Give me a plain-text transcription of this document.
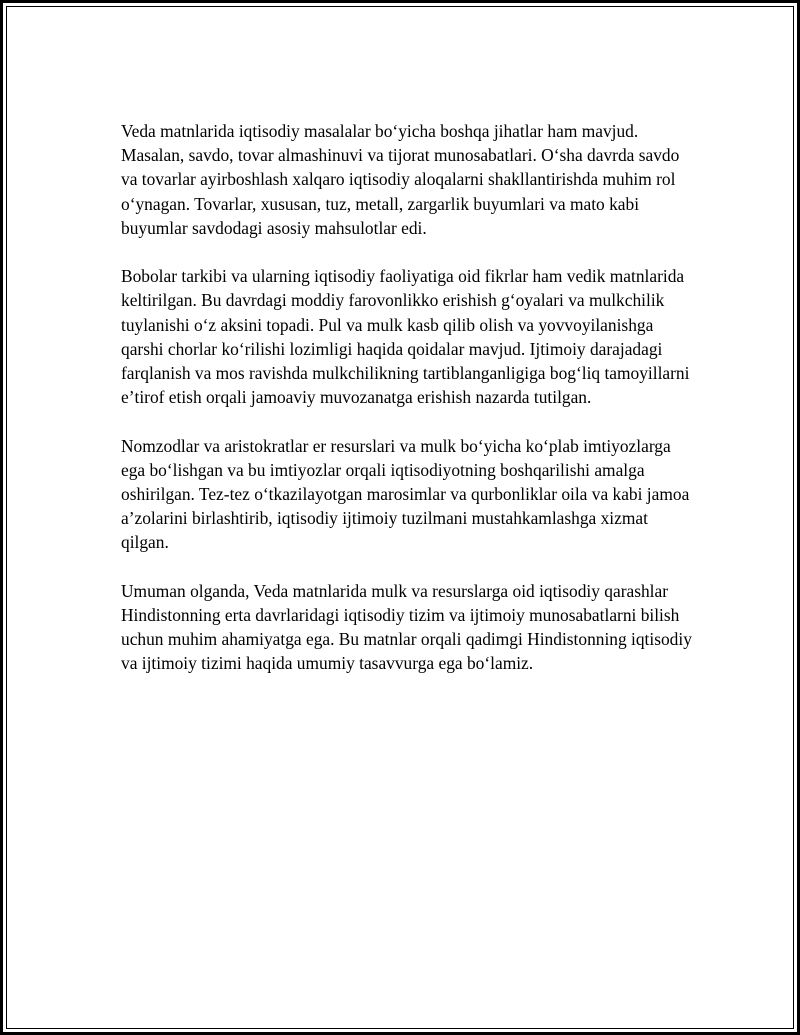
Veda matnlarida iqtisodiy masalalar boʻyicha boshqa jihatlar ham mavjud. Masalan, savdo, tovar almashinuvi va tijorat munosabatlari. Oʻsha davrda savdo va tovarlar ayirboshlash xalqaro iqtisodiy aloqalarni shakllantirishda muhim rol oʻynagan. Tovarlar, xususan, tuz, metall, zargarlik buyumlari va mato kabi buyumlar savdodagi asosiy mahsulotlar edi.

Bobolar tarkibi va ularning iqtisodiy faoliyatiga oid fikrlar ham vedik matnlarida keltirilgan. Bu davrdagi moddiy farovonlikko erishish gʻoyalari va mulkchilik tuylanishi oʻz aksini topadi. Pul va mulk kasb qilib olish va yovvoyilanishga qarshi chorlar koʻrilishi lozimligi haqida qoidalar mavjud. Ijtimoiy darajadagi farqlanish va mos ravishda mulkchilikning tartiblanganligiga bogʻliq tamoyillarni eʼtirof etish orqali jamoaviy muvozanatga erishish nazarda tutilgan.

Nomzodlar va aristokratlar er resurslari va mulk boʻyicha koʻplab imtiyozlarga ega boʻlishgan va bu imtiyozlar orqali iqtisodiyotning boshqarilishi amalga oshirilgan. Tez-tez oʻtkazilayotgan marosimlar va qurbonliklar oila va kabi jamoa aʼzolarini birlashtirib, iqtisodiy ijtimoiy tuzilmani mustahkamlashga xizmat qilgan.

Umuman olganda, Veda matnlarida mulk va resurslarga oid iqtisodiy qarashlar Hindistonning erta davrlaridagi iqtisodiy tizim va ijtimoiy munosabatlarni bilish uchun muhim ahamiyatga ega. Bu matnlar orqali qadimgi Hindistonning iqtisodiy va ijtimoiy tizimi haqida umumiy tasavvurga ega boʻlamiz.
